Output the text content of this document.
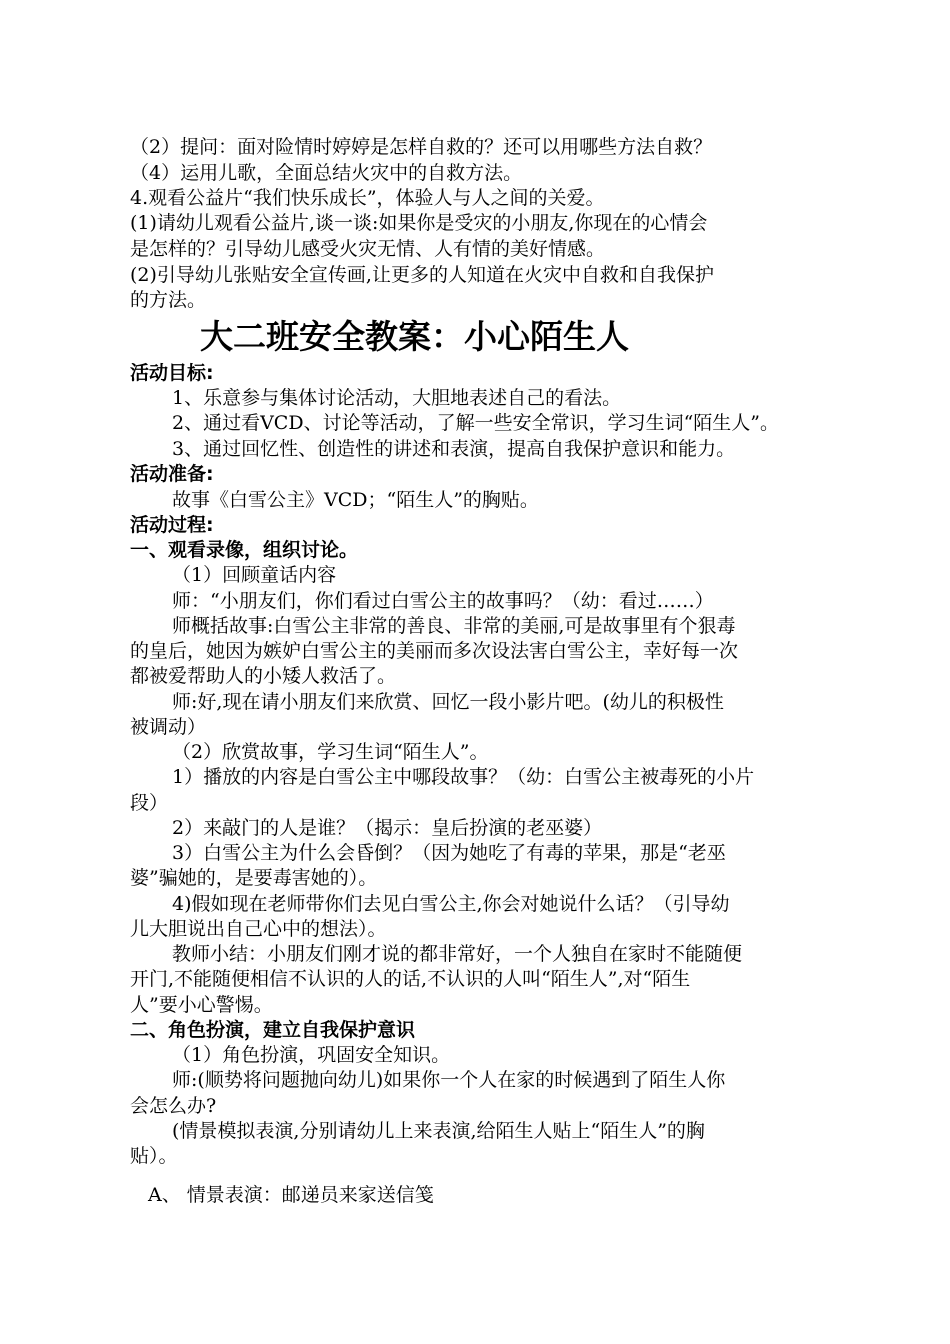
（2）提问：面对险情时婷婷是怎样自救的？还可以用哪些方法自救？
（4）运用儿歌，全面总结火灾中的自救方法。
4.观看公益片“我们快乐成长”，体验人与人之间的关爱。
(1)请幼儿观看公益片,谈一谈:如果你是受灾的小朋友,你现在的心情会
是怎样的？引导幼儿感受火灾无情、人有情的美好情感。
(2)引导幼儿张贴安全宣传画,让更多的人知道在火灾中自救和自我保护
的方法。
大二班安全教案：小心陌生人
活动目标:
1、乐意参与集体讨论活动，大胆地表述自己的看法。
2、通过看VCD、讨论等活动，了解一些安全常识，学习生词“陌生人”。
3、通过回忆性、创造性的讲述和表演，提高自我保护意识和能力。
活动准备:
故事《白雪公主》VCD；“陌生人”的胸贴。
活动过程:
一、观看录像，组织讨论。
（1）回顾童话内容
师：“小朋友们，你们看过白雪公主的故事吗？（幼：看过……）
师概括故事:白雪公主非常的善良、非常的美丽,可是故事里有个狠毒
的皇后，她因为嫉妒白雪公主的美丽而多次设法害白雪公主，幸好每一次
都被爱帮助人的小矮人救活了。
师:好,现在请小朋友们来欣赏、回忆一段小影片吧。(幼儿的积极性
被调动）
（2）欣赏故事，学习生词“陌生人”。
1）播放的内容是白雪公主中哪段故事？（幼：白雪公主被毒死的小片
段）
2）来敲门的人是谁？（揭示：皇后扮演的老巫婆）
3）白雪公主为什么会昏倒？（因为她吃了有毒的苹果，那是“老巫
婆”骗她的，是要毒害她的）。
4)假如现在老师带你们去见白雪公主,你会对她说什么话？（引导幼
儿大胆说出自己心中的想法）。
教师小结：小朋友们刚才说的都非常好，一个人独自在家时不能随便
开门,不能随便相信不认识的人的话,不认识的人叫“陌生人”,对“陌生
人”要小心警惕。
二、角色扮演，建立自我保护意识
（1）角色扮演，巩固安全知识。
师:(顺势将问题抛向幼儿)如果你一个人在家的时候遇到了陌生人你
会怎么办?
(情景模拟表演,分别请幼儿上来表演,给陌生人贴上“陌生人”的胸
贴）。
A、 情景表演：邮递员来家送信笺
